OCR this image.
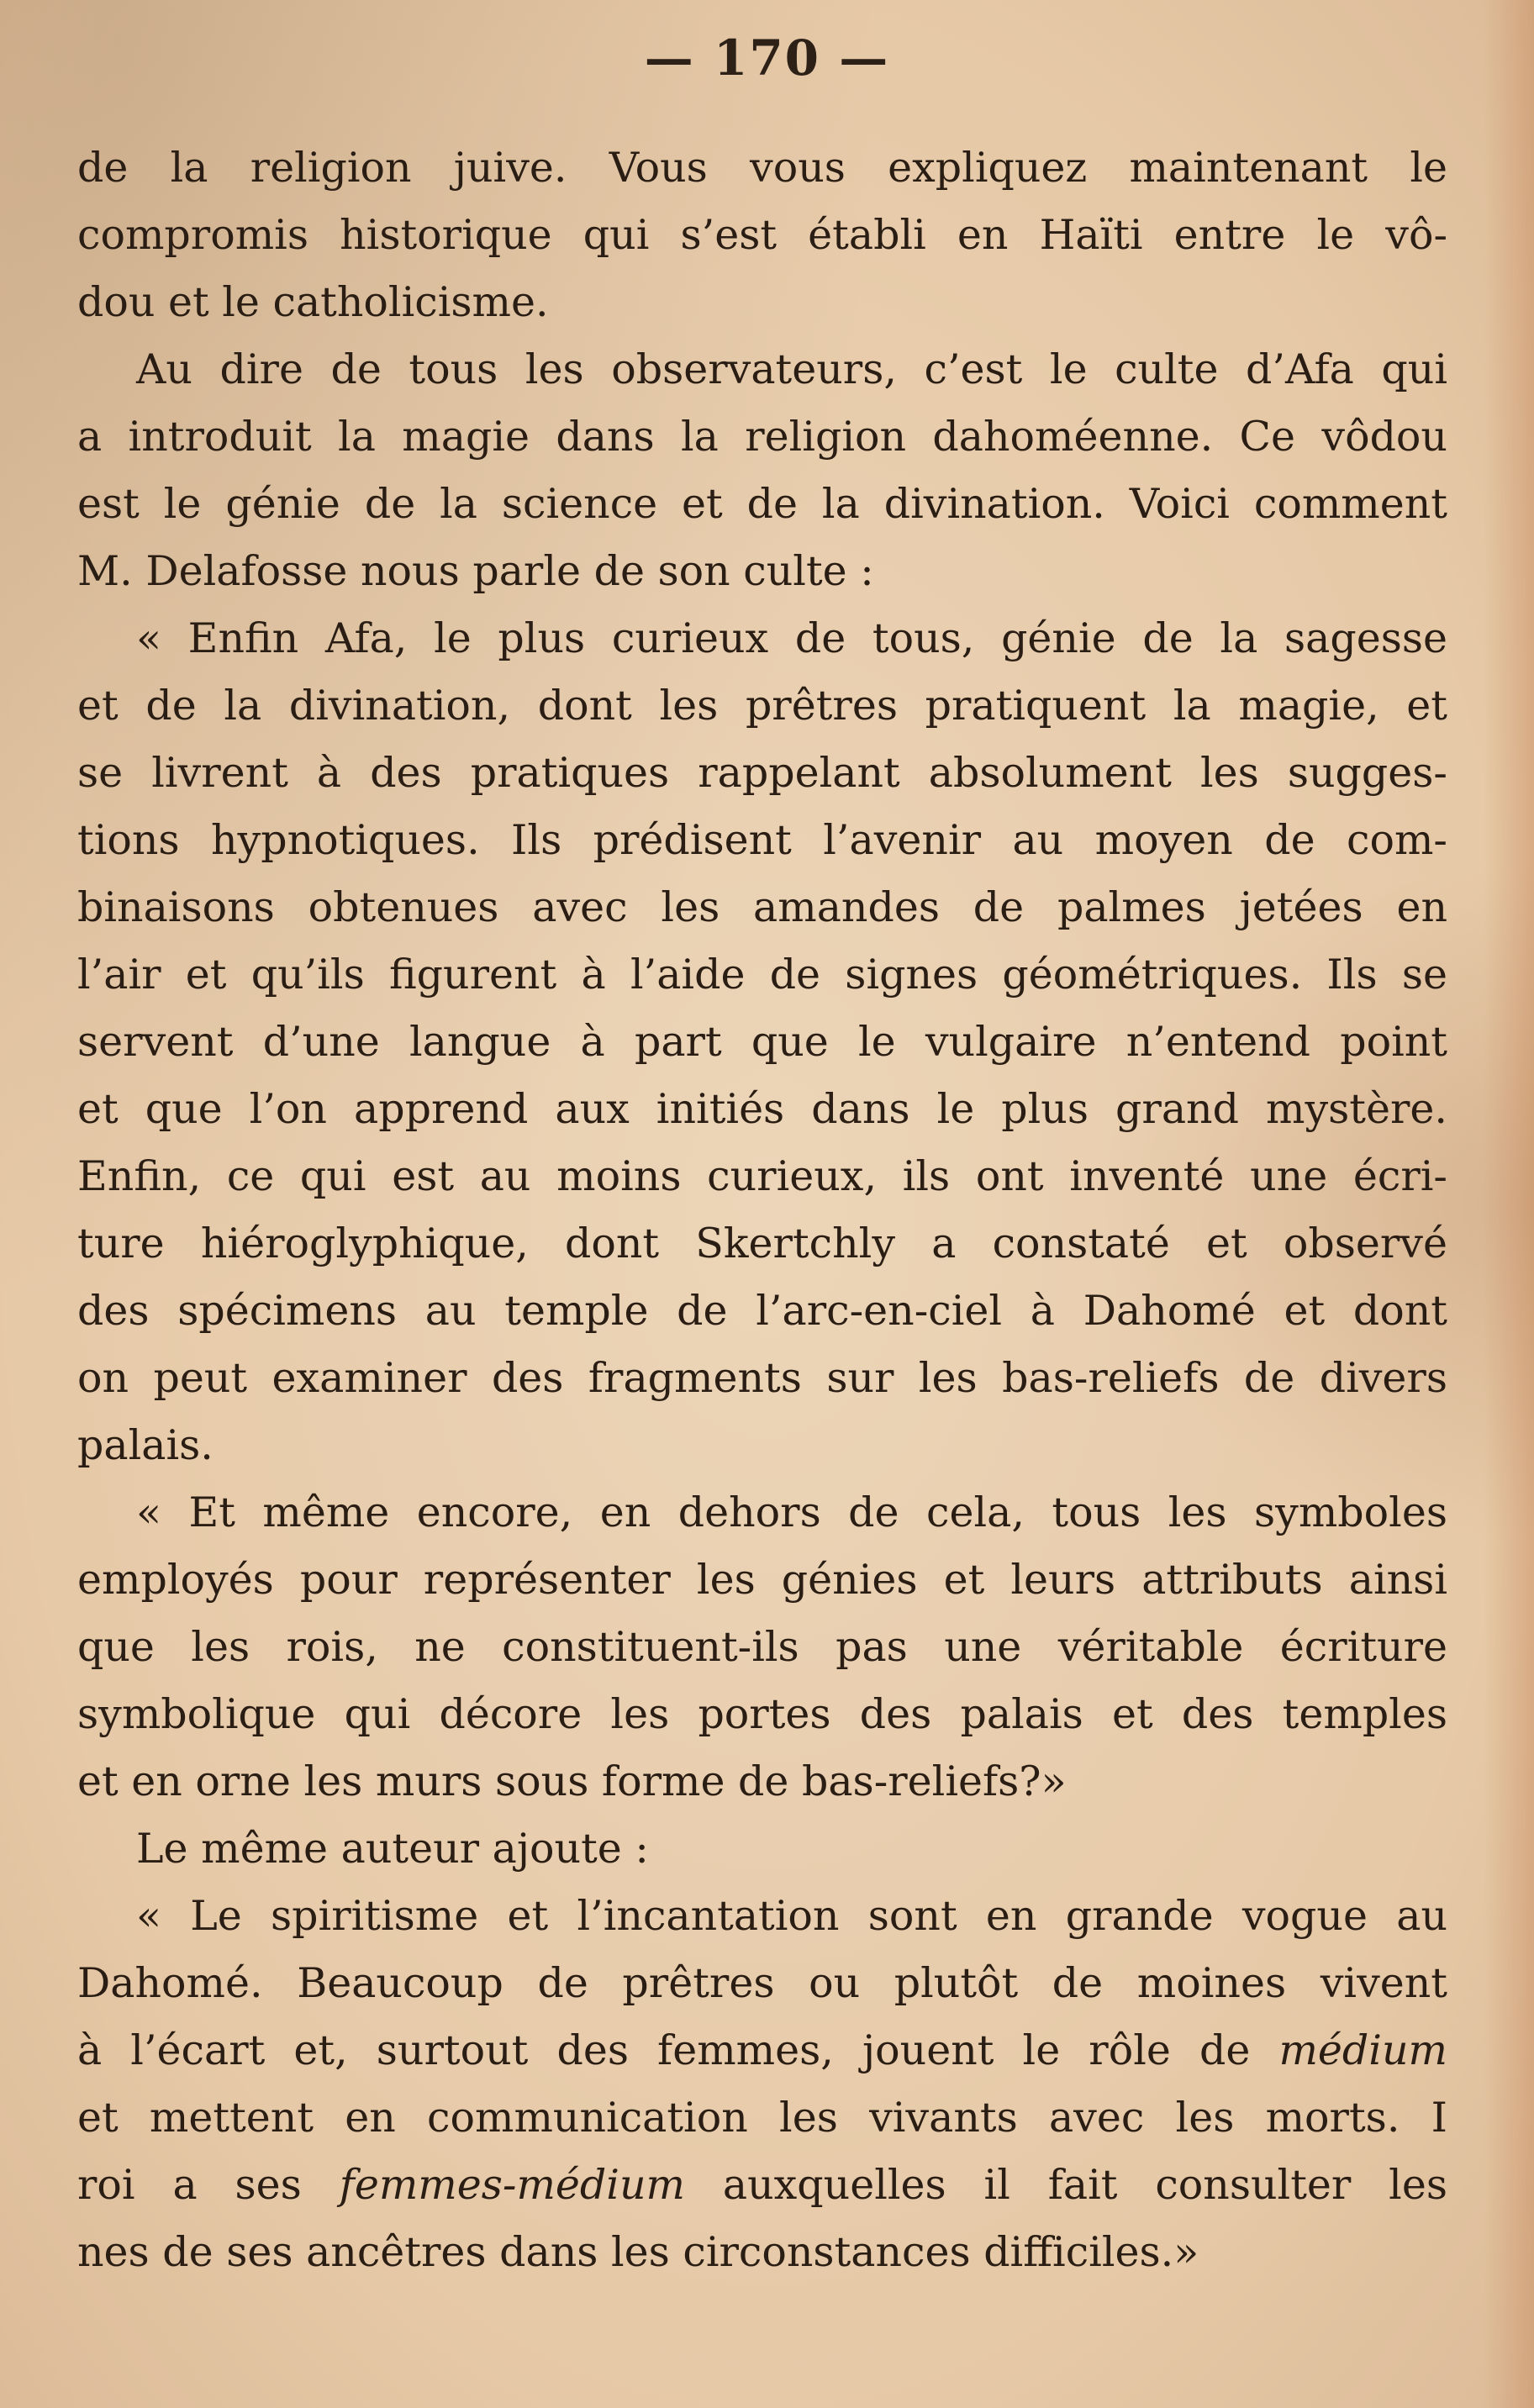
— 170 —
de la religion juive. Vous vous expliquez maintenant le
compromis historique qui s’est établi en Haïti entre le vô-
dou et le catholicisme.
Au dire de tous les observateurs, c’est le culte d’Afa qui
a introduit la magie dans la religion dahoméenne. Ce vôdou
est le génie de la science et de la divination. Voici comment
M. Delafosse nous parle de son culte :
« Enfin Afa, le plus curieux de tous, génie de la sagesse
et de la divination, dont les prêtres pratiquent la magie, et
se livrent à des pratiques rappelant absolument les sugges-
tions hypnotiques. Ils prédisent l’avenir au moyen de com-
binaisons obtenues avec les amandes de palmes jetées en
l’air et qu’ils figurent à l’aide de signes géométriques. Ils se
servent d’une langue à part que le vulgaire n’entend point
et que l’on apprend aux initiés dans le plus grand mystère.
Enfin, ce qui est au moins curieux, ils ont inventé une écri-
ture hiéroglyphique, dont Skertchly a constaté et observé
des spécimens au temple de l’arc-en-ciel à Dahomé et dont
on peut examiner des fragments sur les bas-reliefs de divers
palais.
« Et même encore, en dehors de cela, tous les symboles
employés pour représenter les génies et leurs attributs ainsi
que les rois, ne constituent-ils pas une véritable écriture
symbolique qui décore les portes des palais et des temples
et en orne les murs sous forme de bas-reliefs?»
Le même auteur ajoute :
« Le spiritisme et l’incantation sont en grande vogue au
Dahomé. Beaucoup de prêtres ou plutôt de moines vivent
à l’écart et, surtout des femmes, jouent le rôle de médium
et mettent en communication les vivants avec les morts. I
roi a ses femmes-médium auxquelles il fait consulter les
nes de ses ancêtres dans les circonstances difficiles.»
